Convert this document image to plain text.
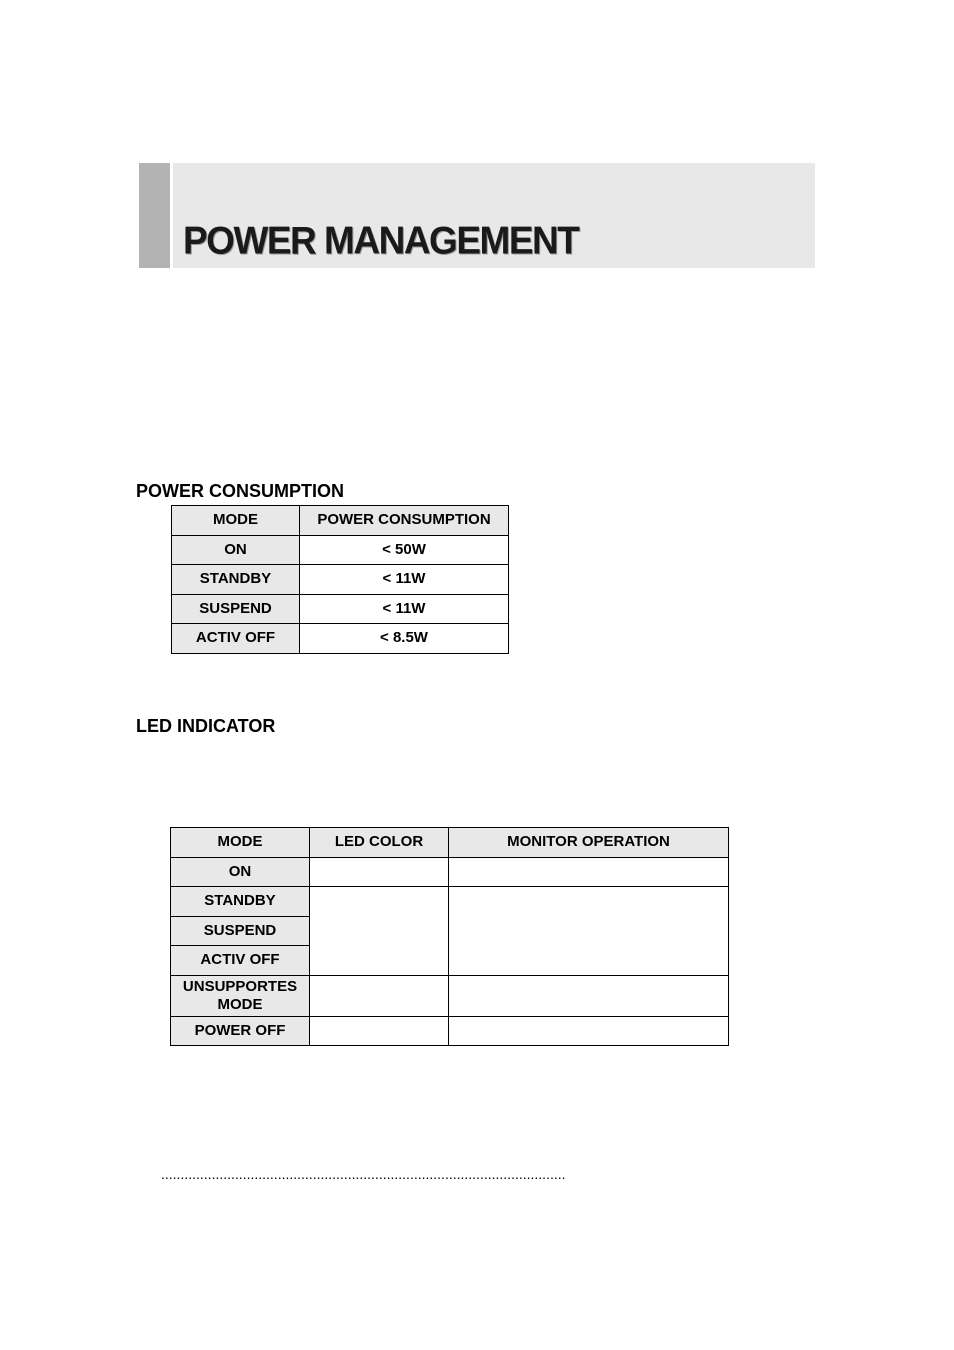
POWER MANAGEMENT
POWER CONSUMPTION
MODE	POWER CONSUMPTION
ON	< 50W
STANDBY	< 11W
SUSPEND	< 11W
ACTIV OFF	< 8.5W
LED INDICATOR
MODE	LED COLOR	MONITOR OPERATION
ON		
STANDBY		
SUSPEND		
ACTIV OFF		
UNSUPPORTES MODE		
POWER OFF		
........................................................................................................
